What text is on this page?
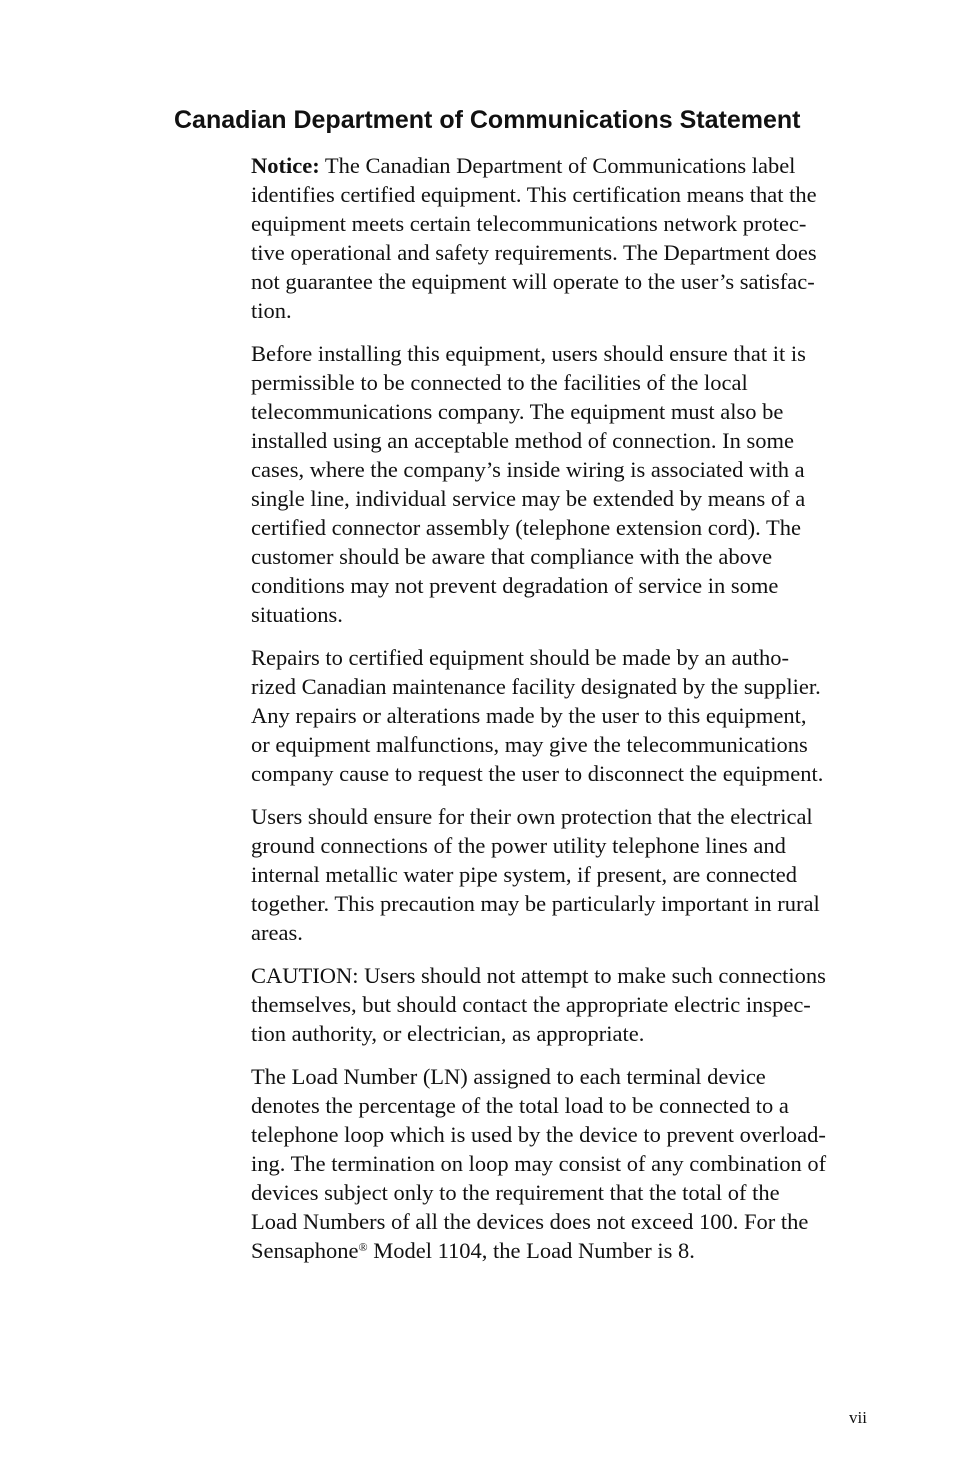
Canadian Department of Communications Statement

Notice: The Canadian Department of Communications label
identifies certified equipment. This certification means that the
equipment meets certain telecommunications network protec-
tive operational and safety requirements. The Department does
not guarantee the equipment will operate to the user’s satisfac-
tion.

Before installing this equipment, users should ensure that it is
permissible to be connected to the facilities of the local
telecommunications company. The equipment must also be
installed using an acceptable method of connection. In some
cases, where the company’s inside wiring is associated with a
single line, individual service may be extended by means of a
certified connector assembly (telephone extension cord). The
customer should be aware that compliance with the above
conditions may not prevent degradation of service in some
situations.

Repairs to certified equipment should be made by an autho-
rized Canadian maintenance facility designated by the supplier.
Any repairs or alterations made by the user to this equipment,
or equipment malfunctions, may give the telecommunications
company cause to request the user to disconnect the equipment.

Users should ensure for their own protection that the electrical
ground connections of the power utility telephone lines and
internal metallic water pipe system, if present, are connected
together. This precaution may be particularly important in rural
areas.

CAUTION: Users should not attempt to make such connections
themselves, but should contact the appropriate electric inspec-
tion authority, or electrician, as appropriate.

The Load Number (LN) assigned to each terminal device
denotes the percentage of the total load to be connected to a
telephone loop which is used by the device to prevent overload-
ing. The termination on loop may consist of any combination of
devices subject only to the requirement that the total of the
Load Numbers of all the devices does not exceed 100. For the
Sensaphone® Model 1104, the Load Number is 8.

vii
